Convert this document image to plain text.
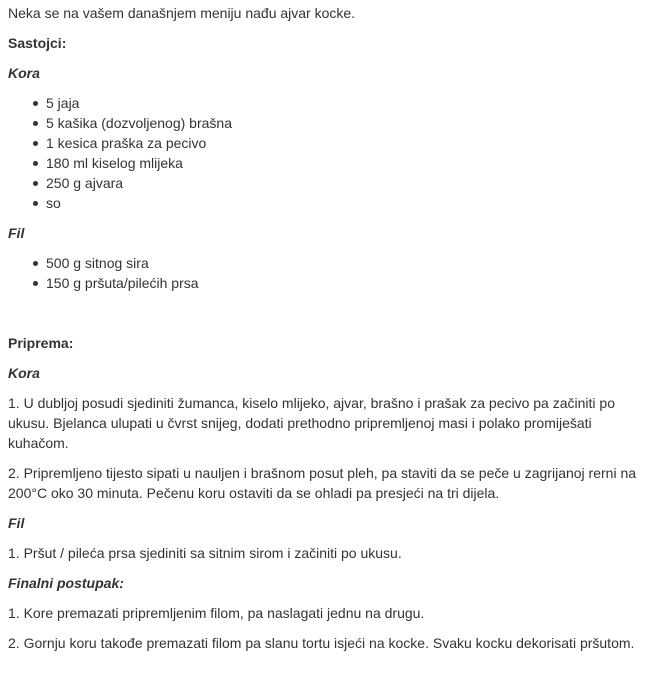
Neka se na vašem današnjem meniju nađu ajvar kocke.

Sastojci:
Kora
5 jaja
5 kašika (dozvoljenog) brašna
1 kesica praška za pecivo
180 ml kiselog mlijeka
250 g ajvara
so
Fil
500 g sitnog sira
150 g pršuta/pilećih prsa
Priprema:
Kora

1. U dubljoj posudi sjediniti žumanca, kiselo mlijeko, ajvar, brašno i prašak za pecivo pa začiniti po ukusu. Bjelanca ulupati u čvrst snijeg, dodati prethodno pripremljenoj masi i polako promiješati kuhačom.

2. Pripremljeno tijesto sipati u nauljen i brašnom posut pleh, pa staviti da se peče u zagrijanoj rerni na 200°C oko 30 minuta. Pečenu koru ostaviti da se ohladi pa presjeći na tri dijela.

Fil

1. Pršut / pileća prsa sjediniti sa sitnim sirom i začiniti po ukusu.

Finalni postupak:

1. Kore premazati pripremljenim filom, pa naslagati jednu na drugu.

2. Gornju koru takođe premazati filom pa slanu tortu isjeći na kocke. Svaku kocku dekorisati pršutom.
